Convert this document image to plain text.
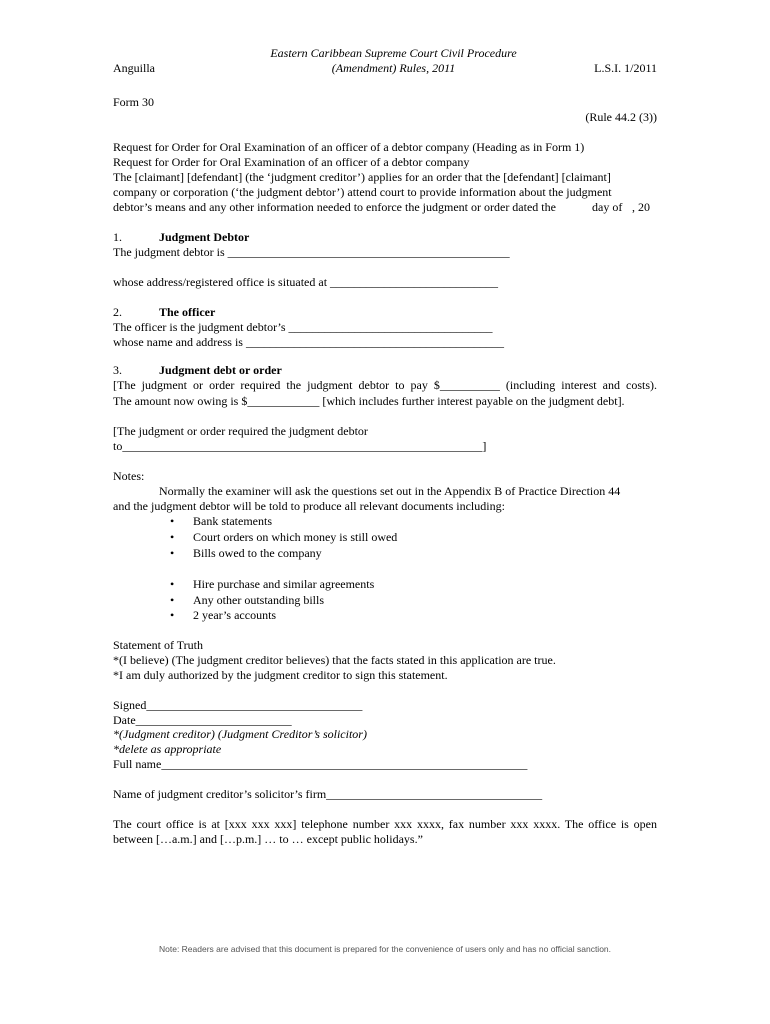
Anguilla
Eastern Caribbean Supreme Court Civil Procedure
(Amendment) Rules, 2011	L.S.I. 1/2011
Form 30
(Rule 44.2 (3))
Request for Order for Oral Examination of an officer of a debtor company (Heading as in Form 1)
Request for Order for Oral Examination of an officer of a debtor company
The [claimant] [defendant] (the ‘judgment creditor’) applies for an order that the [defendant] [claimant]
company or corporation (‘the judgment debtor’) attend court to provide information about the judgment
debtor’s means and any other information needed to enforce the judgment or order dated the	day of , 20
1.	Judgment Debtor
The judgment debtor is _______________________________________________
whose address/registered office is situated at ____________________________
2.	The officer
The officer is the judgment debtor’s __________________________________
whose name and address is ___________________________________________
3.	Judgment debt or order
[The judgment or order required the judgment debtor to pay $__________ (including interest and costs).
The amount now owing is $____________ [which includes further interest payable on the judgment debt].
[The judgment or order required the judgment debtor
to____________________________________________________________]
Notes:
Normally the examiner will ask the questions set out in the Appendix B of Practice Direction 44
and the judgment debtor will be told to produce all relevant documents including:
• Bank statements
• Court orders on which money is still owed
• Bills owed to the company
• Hire purchase and similar agreements
• Any other outstanding bills
• 2 year’s accounts
Statement of Truth
*(I believe) (The judgment creditor believes) that the facts stated in this application are true.
*I am duly authorized by the judgment creditor to sign this statement.
Signed____________________________________
Date__________________________
*(Judgment creditor) (Judgment Creditor’s solicitor)
*delete as appropriate
Full name_____________________________________________________________
Name of judgment creditor’s solicitor’s firm____________________________________
The court office is at [xxx xxx xxx] telephone number xxx xxxx, fax number xxx xxxx. The office is open
between […a.m.] and […p.m.] … to … except public holidays.”
Note: Readers are advised that this document is prepared for the convenience of users only and has no official sanction.
